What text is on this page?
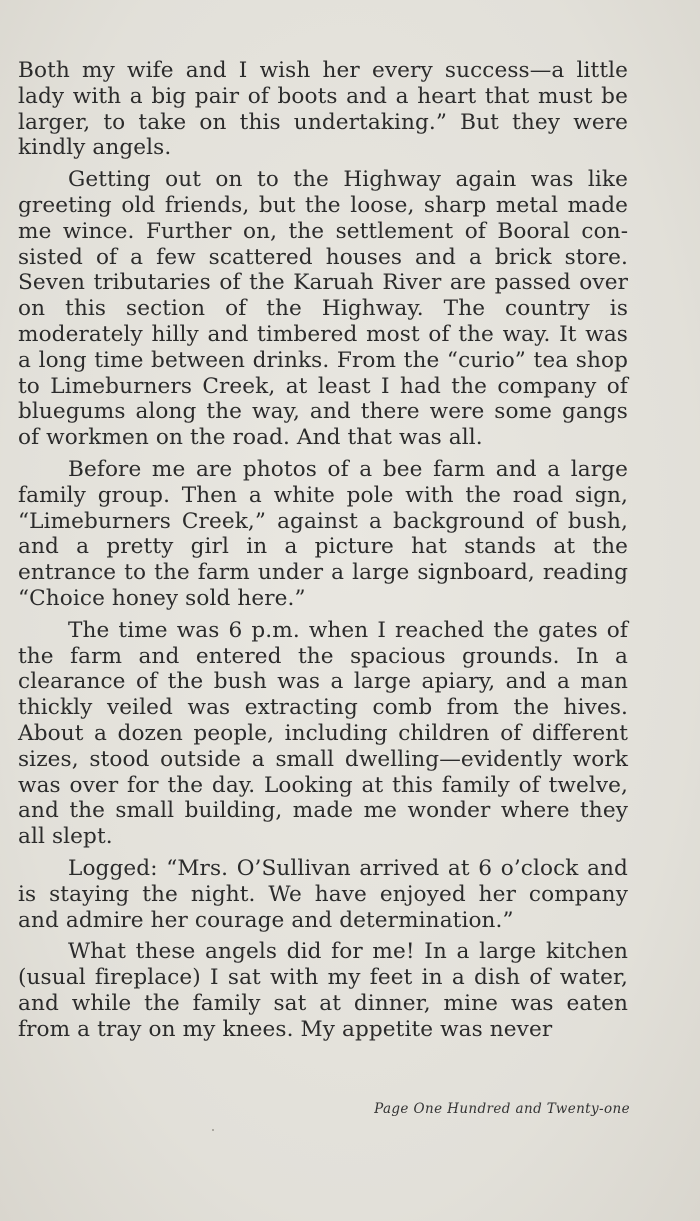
Both my wife and I wish her every success—a little lady with a big pair of boots and a heart that must be larger, to take on this undertaking.” But they were kindly angels.

Getting out on to the Highway again was like greeting old friends, but the loose, sharp metal made me wince. Further on, the settlement of Booral consisted of a few scattered houses and a brick store. Seven tributaries of the Karuah River are passed over on this section of the Highway. The country is moderately hilly and timbered most of the way. It was a long time between drinks. From the “curio” tea shop to Limeburners Creek, at least I had the company of bluegums along the way, and there were some gangs of workmen on the road. And that was all.

Before me are photos of a bee farm and a large family group. Then a white pole with the road sign, “Limeburners Creek,” against a background of bush, and a pretty girl in a picture hat stands at the entrance to the farm under a large signboard, reading “Choice honey sold here.”

The time was 6 p.m. when I reached the gates of the farm and entered the spacious grounds. In a clearance of the bush was a large apiary, and a man thickly veiled was extracting comb from the hives. About a dozen people, including children of different sizes, stood outside a small dwelling—evidently work was over for the day. Looking at this family of twelve, and the small building, made me wonder where they all slept.

Logged: “Mrs. O’Sullivan arrived at 6 o’clock and is staying the night. We have enjoyed her company and admire her courage and determination.”

What these angels did for me! In a large kitchen (usual fireplace) I sat with my feet in a dish of water, and while the family sat at dinner, mine was eaten from a tray on my knees. My appetite was never

Page One Hundred and Twenty-one
